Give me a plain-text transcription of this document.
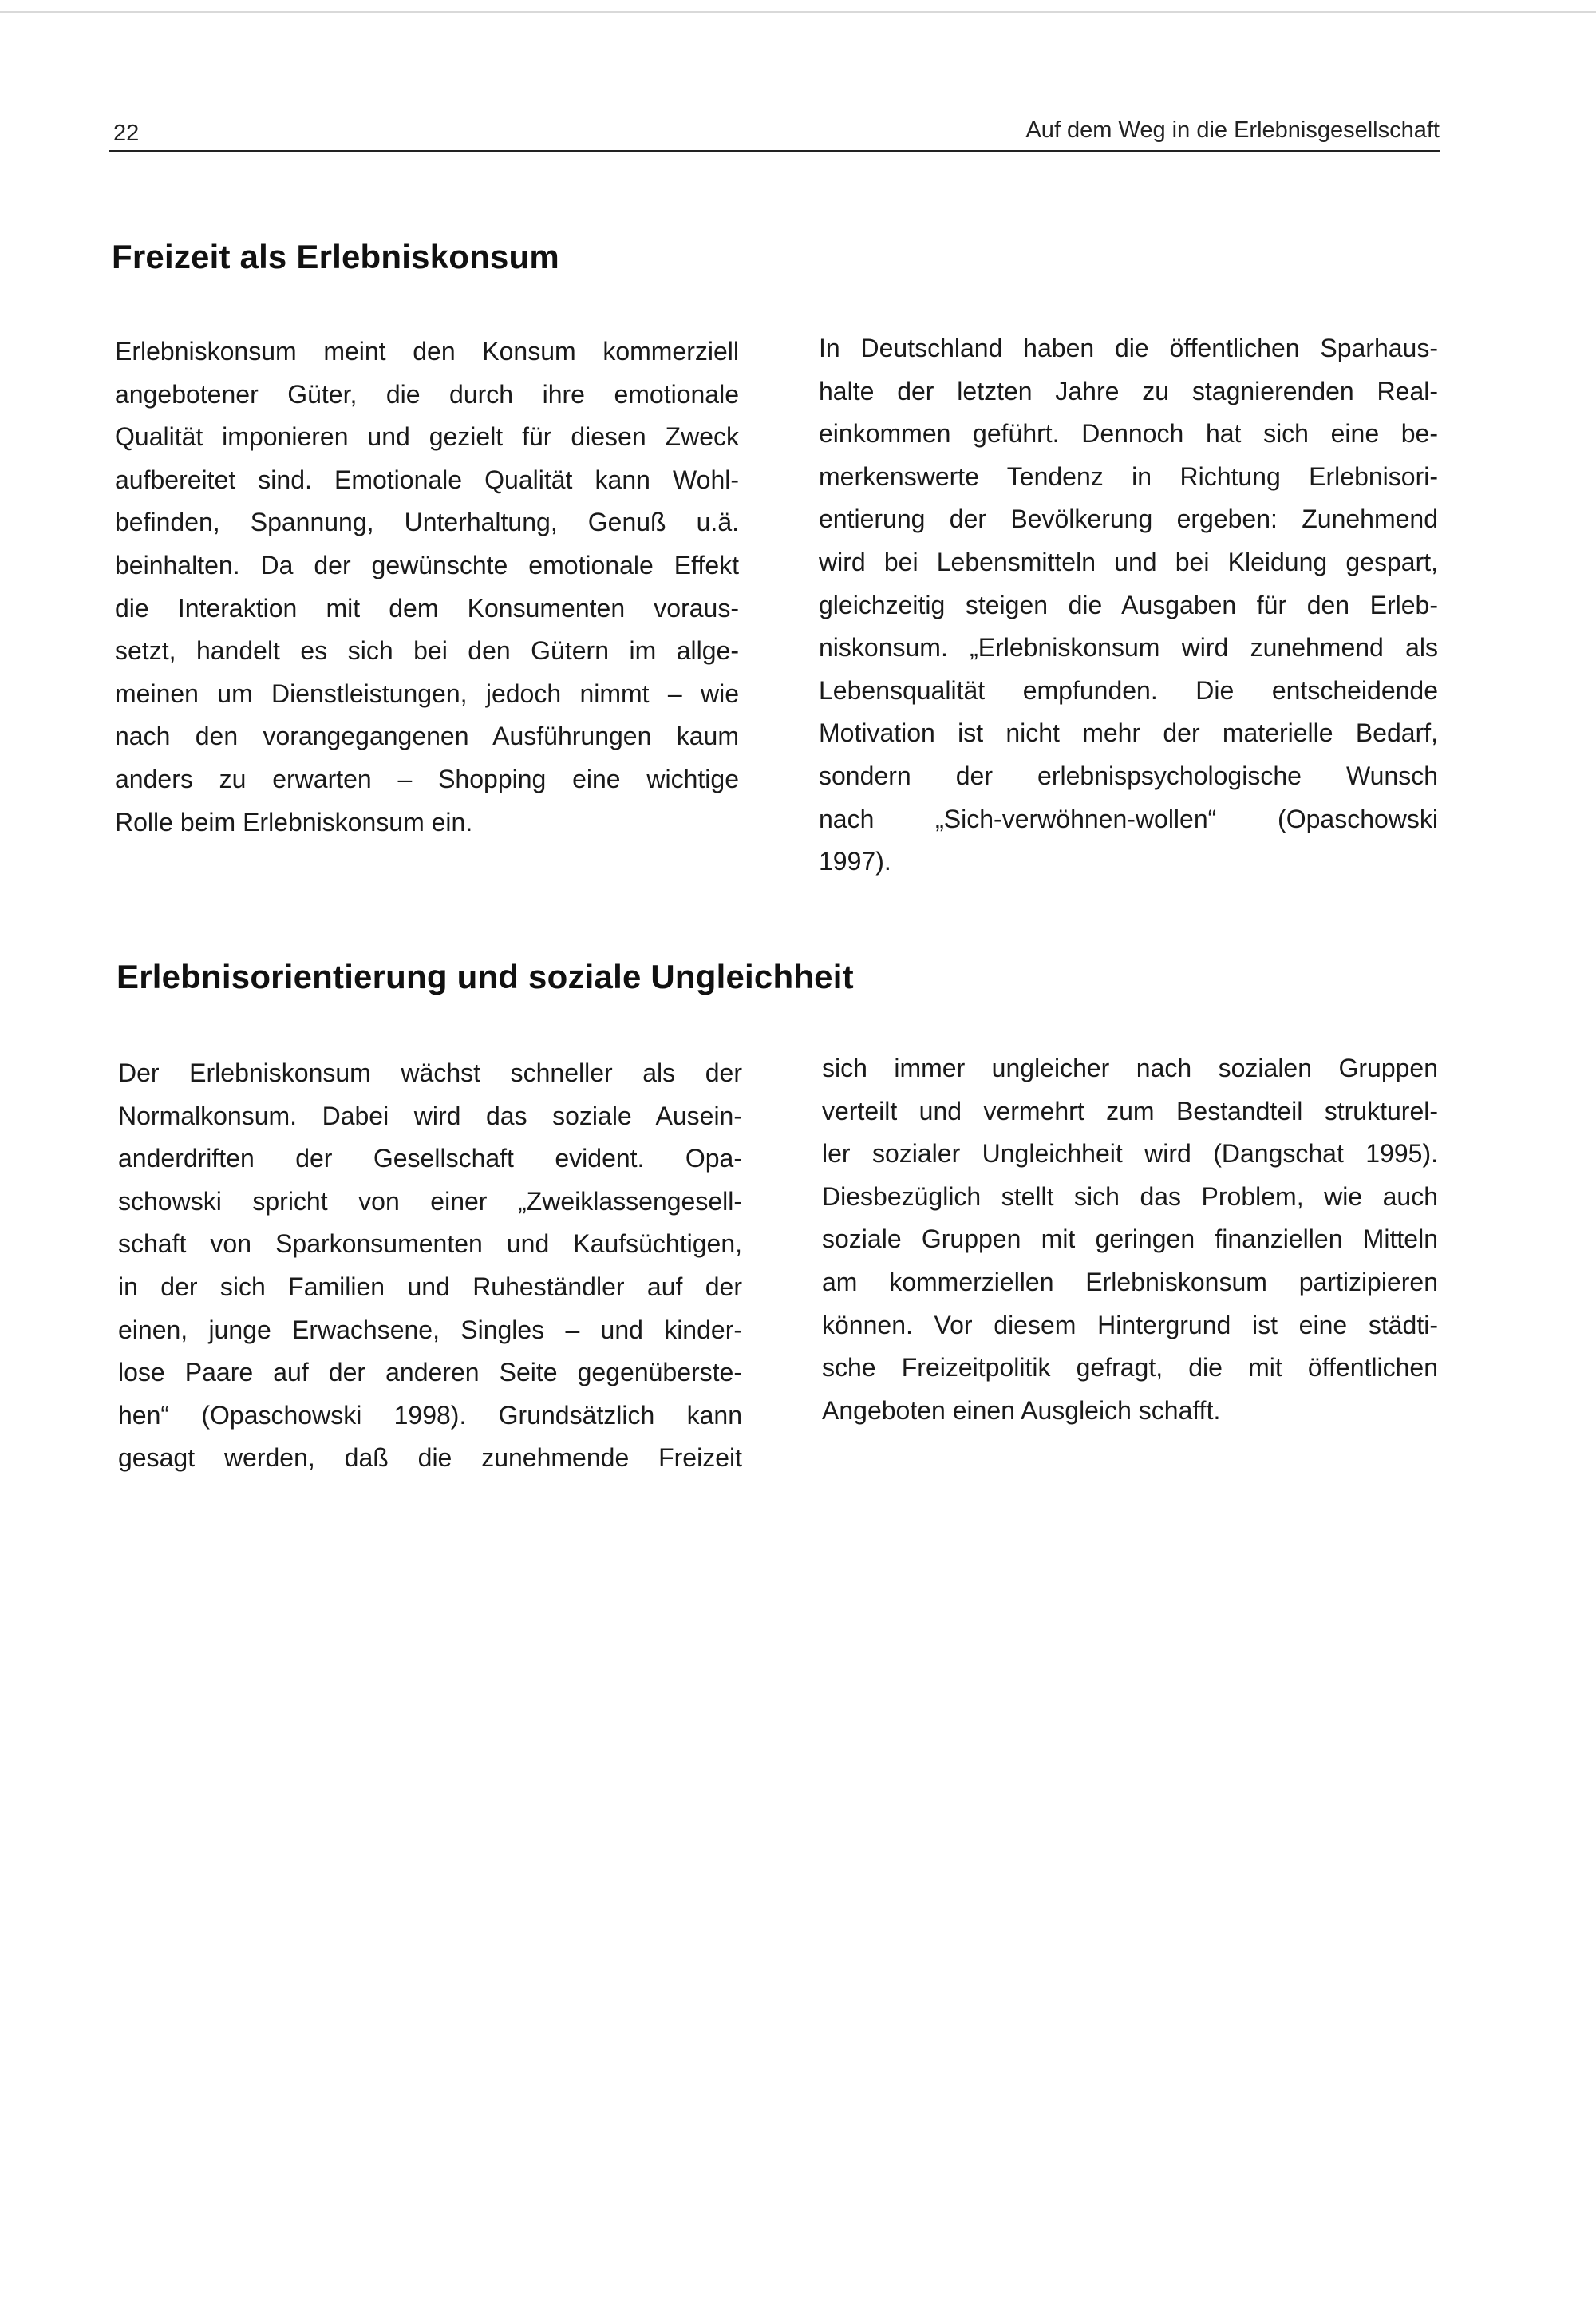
22	Auf dem Weg in die Erlebnisgesellschaft
Freizeit als Erlebniskonsum
Erlebniskonsum meint den Konsum kommerziell
angebotener Güter, die durch ihre emotionale
Qualität imponieren und gezielt für diesen Zweck
aufbereitet sind. Emotionale Qualität kann Wohl-
befinden, Spannung, Unterhaltung, Genuß u.ä.
beinhalten. Da der gewünschte emotionale Effekt
die Interaktion mit dem Konsumenten voraus-
setzt, handelt es sich bei den Gütern im allge-
meinen um Dienstleistungen, jedoch nimmt – wie
nach den vorangegangenen Ausführungen kaum
anders zu erwarten – Shopping eine wichtige
Rolle beim Erlebniskonsum ein.
In Deutschland haben die öffentlichen Sparhaus-
halte der letzten Jahre zu stagnierenden Real-
einkommen geführt. Dennoch hat sich eine be-
merkenswerte Tendenz in Richtung Erlebnisori-
entierung der Bevölkerung ergeben: Zunehmend
wird bei Lebensmitteln und bei Kleidung gespart,
gleichzeitig steigen die Ausgaben für den Erleb-
niskonsum. „Erlebniskonsum wird zunehmend als
Lebensqualität empfunden. Die entscheidende
Motivation ist nicht mehr der materielle Bedarf,
sondern der erlebnispsychologische Wunsch
nach „Sich-verwöhnen-wollen“ (Opaschowski
1997).
Erlebnisorientierung und soziale Ungleichheit
Der Erlebniskonsum wächst schneller als der
Normalkonsum. Dabei wird das soziale Ausein-
anderdriften der Gesellschaft evident. Opa-
schowski spricht von einer „Zweiklassengesell-
schaft von Sparkonsumenten und Kaufsüchtigen,
in der sich Familien und Ruheständler auf der
einen, junge Erwachsene, Singles – und kinder-
lose Paare auf der anderen Seite gegenüberste-
hen“ (Opaschowski 1998). Grundsätzlich kann
gesagt werden, daß die zunehmende Freizeit
sich immer ungleicher nach sozialen Gruppen
verteilt und vermehrt zum Bestandteil strukturel-
ler sozialer Ungleichheit wird (Dangschat 1995).
Diesbezüglich stellt sich das Problem, wie auch
soziale Gruppen mit geringen finanziellen Mitteln
am kommerziellen Erlebniskonsum partizipieren
können. Vor diesem Hintergrund ist eine städti-
sche Freizeitpolitik gefragt, die mit öffentlichen
Angeboten einen Ausgleich schafft.
